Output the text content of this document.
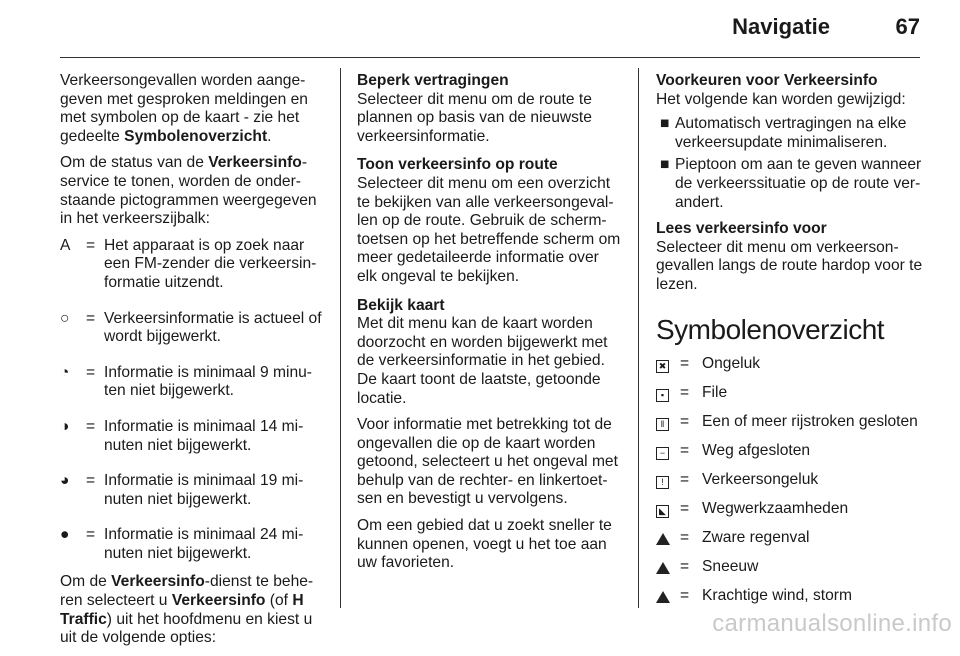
Navigatie	67

Verkeersongevallen worden aange-geven met gesproken meldingen en met symbolen op de kaart - zie het gedeelte Symbolenoverzicht.

Om de status van de Verkeersinfo-service te tonen, worden de onder-staande pictogrammen weergegeven in het verkeerszijbalk:

A = Het apparaat is op zoek naar een FM-zender die verkeersin-formatie uitzendt.
○	= Verkeersinformatie is actueel of wordt bijgewerkt.
◔	= Informatie is minimaal 9 minu-ten niet bijgewerkt.
◑	= Informatie is minimaal 14 mi-nuten niet bijgewerkt.
◕	= Informatie is minimaal 19 mi-nuten niet bijgewerkt.
●	= Informatie is minimaal 24 mi-nuten niet bijgewerkt.

Om de Verkeersinfo-dienst te behe-ren selecteert u Verkeersinfo (of H Traffic) uit het hoofdmenu en kiest u uit de volgende opties:

Beperk vertragingen
Selecteer dit menu om de route te plannen op basis van de nieuwste verkeersinformatie.

Toon verkeersinfo op route
Selecteer dit menu om een overzicht te bekijken van alle verkeersongeval-len op de route. Gebruik de scherm-toetsen op het betreffende scherm om meer gedetaileerde informatie over elk ongeval te bekijken.

Bekijk kaart
Met dit menu kan de kaart worden doorzocht en worden bijgewerkt met de verkeersinformatie in het gebied. De kaart toont de laatste, getoonde locatie.

Voor informatie met betrekking tot de ongevallen die op de kaart worden getoond, selecteert u het ongeval met behulp van de rechter- en linkertoet-sen en bevestigt u vervolgens.

Om een gebied dat u zoekt sneller te kunnen openen, voegt u het toe aan uw favorieten.

Voorkeuren voor Verkeersinfo
Het volgende kan worden gewijzigd:

■ Automatisch vertragingen na elke verkeersupdate minimaliseren.
■ Pieptoon om aan te geven wanneer de verkeerssituatie op de route ver-andert.

Lees verkeersinfo voor
Selecteer dit menu om verkeerson-gevallen langs de route hardop voor te lezen.

Symbolenoverzicht
✖ = Ongeluk
▪	= File
‖	= Een of meer rijstroken gesloten
− = Weg afgesloten
!	= Verkeersongeluk
◣ = Wegwerkzaamheden
= Zware regenval
= Sneeuw
= Krachtige wind, storm
carmanualsonline.info
